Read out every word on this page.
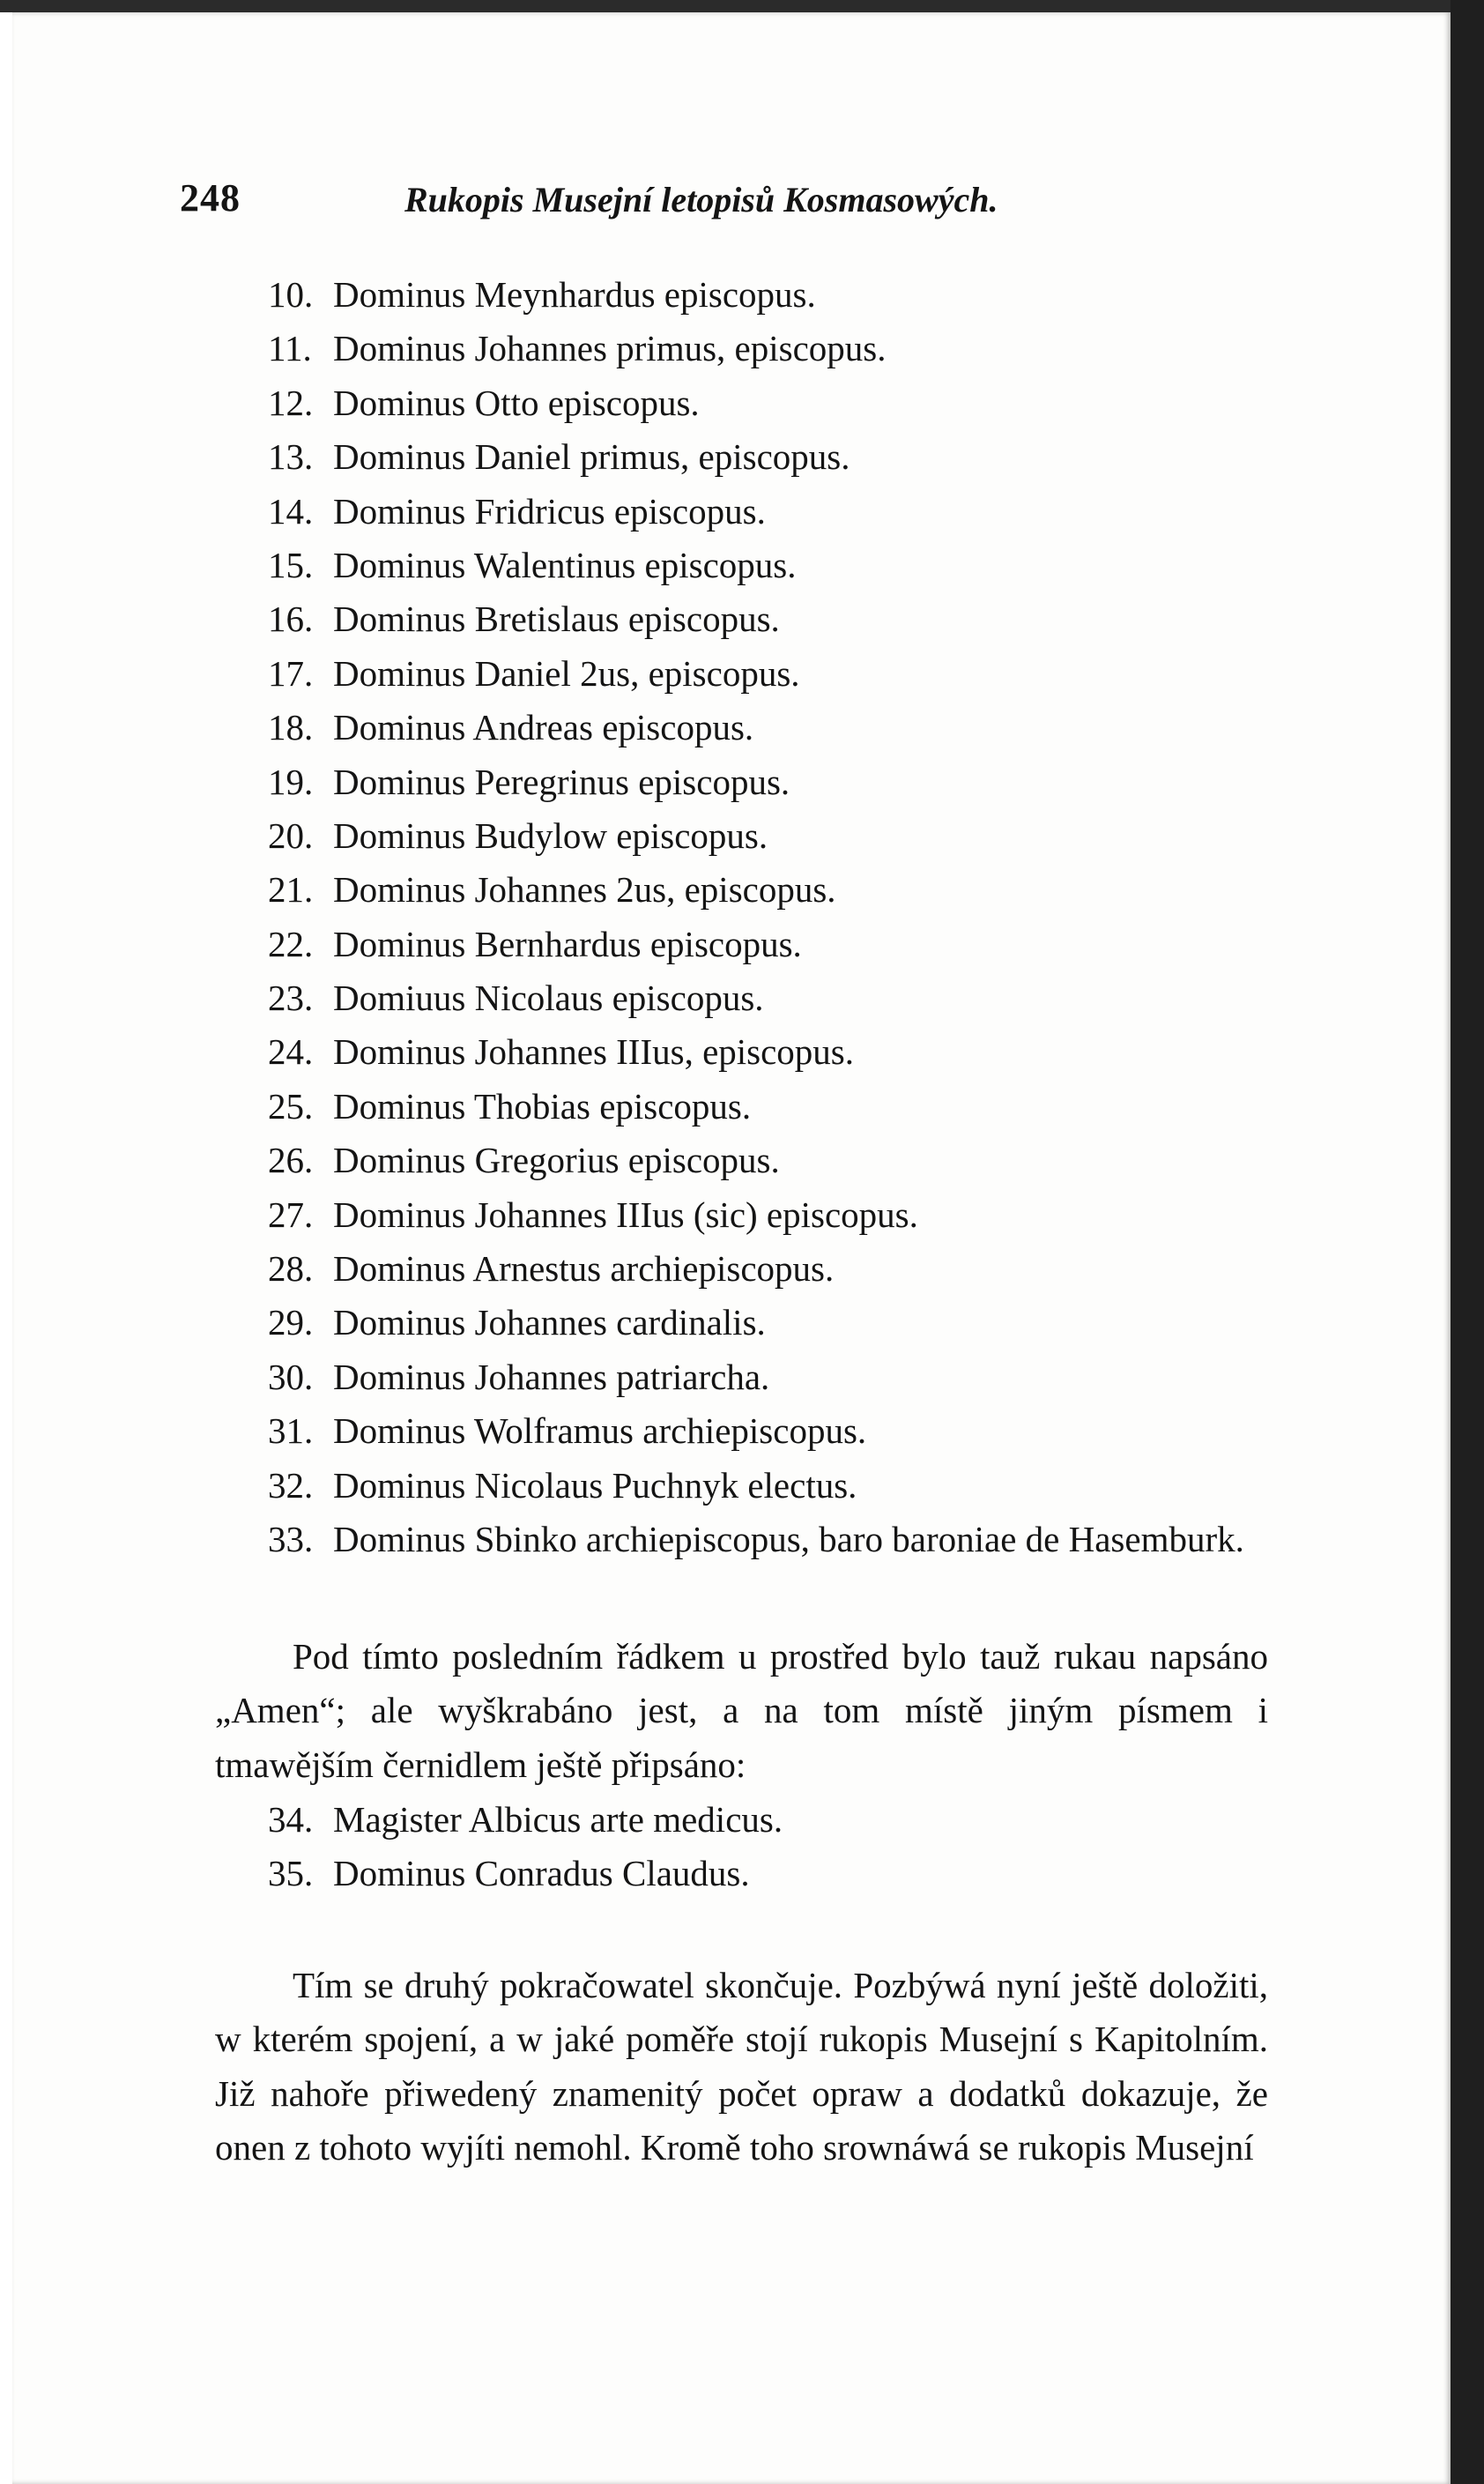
248	Rukopis Musejní letopisů Kosmasowých.
10. Dominus Meynhardus episcopus.
11. Dominus Johannes primus, episcopus.
12. Dominus Otto episcopus.
13. Dominus Daniel primus, episcopus.
14. Dominus Fridricus episcopus.
15. Dominus Walentinus episcopus.
16. Dominus Bretislaus episcopus.
17. Dominus Daniel 2us, episcopus.
18. Dominus Andreas episcopus.
19. Dominus Peregrinus episcopus.
20. Dominus Budylow episcopus.
21. Dominus Johannes 2us, episcopus.
22. Dominus Bernhardus episcopus.
23. Domiuus Nicolaus episcopus.
24. Dominus Johannes IIIus, episcopus.
25. Dominus Thobias episcopus.
26. Dominus Gregorius episcopus.
27. Dominus Johannes IIIus (sic) episcopus.
28. Dominus Arnestus archiepiscopus.
29. Dominus Johannes cardinalis.
30. Dominus Johannes patriarcha.
31. Dominus Wolframus archiepiscopus.
32. Dominus Nicolaus Puchnyk electus.
33. Dominus Sbinko archiepiscopus, baro baroniae de Hasemburk.
Pod tímto posledním řádkem u prostřed bylo tauž rukau napsáno „Amen“; ale wyškrabáno jest, a na tom místě jiným písmem i tmawějším černidlem ještě připsáno:
34. Magister Albicus arte medicus.
35. Dominus Conradus Claudus.
Tím se druhý pokračowatel skončuje. Pozbýwá nyní ještě doložiti, w kterém spojení, a w jaké poměře stojí rukopis Musejní s Kapitolním. Již nahoře přiwedený znamenitý počet opraw a dodatků dokazuje, že onen z tohoto wyjíti nemohl. Kromě toho srownáwá se rukopis Musejní
